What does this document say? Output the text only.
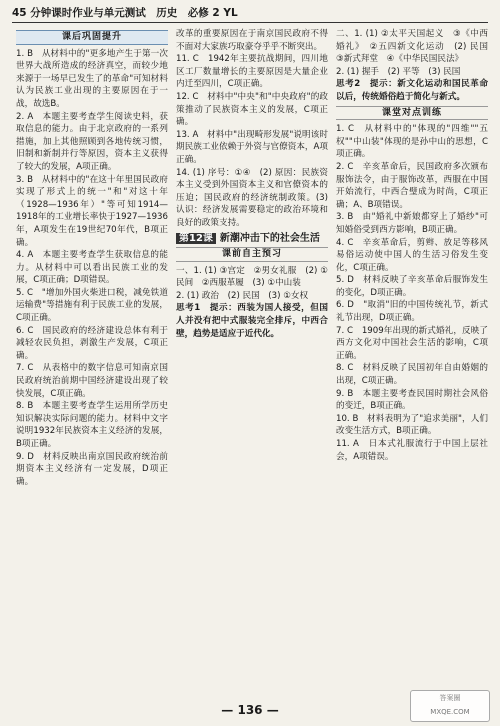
45 分钟课时作业与单元测试　历史　必修 2 YL
课后巩固提升

1. B　从材料中的"更多地产生于第一次世界大战所造成的经济真空，而较少地来源于一场早已发生了的革命"可知材料认为民族工业出现的主要原因在于一战，故选B。

2. A　本题主要考查学生阅读史料，获取信息的能力。由于北京政府的一系列措施，加上其他照顾到各地传统习惯，旧制和新制并行等原因，资本主义获得了较大的发展，A项正确。

3. B　从材料中的"在这十年里国民政府实现了形式上的统一"和"对这十年（1928—1936年）"等可知1914—1918年的工业增长率快于1927—1936年，A项发生在19世纪70年代，B项正确。

4. A　本题主要考查学生获取信息的能力。从材料中可以看出民族工业的发展，C项正确；D项错误。

5. C　"增加外国火柴进口税，减免铁道运输费"等措施有利于民族工业的发展，C项正确。

6. C　国民政府的经济建设总体有利于减轻农民负担，剥激生产发展，C项正确。

7. C　从表格中的数字信息可知南京国民政府统治前期中国经济建设出现了较快发展，C项正确。

8. B　本题主要考查学生运用所学历史知识解决实际问题的能力。材料中文字说明1932年民族资本主义经济的发展，B项正确。

9. D　材料反映出南京国民政府统治前期资本主义经济有一定发展，D项正确。

改革的重要原因在于南京国民政府不得不面对大家族巧取豪夺乎乎不断突出。

11. C　1942年主要抗战期间，四川地区工厂数量增长的主要原因是大量企业内迁至四川，C项正确。

12. C　材料中"中央"和"中央政府"的政策推动了民族资本主义的发展，C项正确。

13. A　材料中"出现畸形发展"说明该时期民族工业依赖于外资与官僚资本，A项正确。

14. (1) 序号：①④　(2) 原因：民族资本主义受到外国资本主义和官僚资本的压迫；国民政府的经济统制政策。(3) 认识：经济发展需要稳定的政治环境和良好的政策支持。

第12课 新潮冲击下的社会生活
课前自主预习

一、1. (1) ③宫定　②男女礼服　(2) ①民间　②西服革履　(3) ①中山装

2. (1) 政治　(2) 民国　(3) ①女权

思考1　提示：西装为国人接受，但国人并没有把中式服装完全排斥，中西合壁，趋势是适应于近代化。

二、1. (1) ②太平天国起义　③《中西婚礼》　②五四新文化运动　(2) 民国　③新式拜堂　④《中华民国民法》

2. (1) 握手　(2) 平等　(3) 民国

思考2　提示：新文化运动和国民革命以后，传统婚俗趋于简化与新式。

课堂对点训练

1. C　从材料中的"体现的"四维""五权""中山装"体现的是孙中山的思想，C项正确。

2. C　辛亥革命后，民国政府多次颁布服饰法令，由于服饰改革，西服在中国开始流行，中西合璧成为时尚，C项正确；A、B项错误。

3. B　由"婚礼中新娘都穿上了婚纱"可知婚俗受到西方影响，B项正确。

4. C　辛亥革命后，剪辫、放足等移风易俗运动使中国人的生活习俗发生变化，C项正确。

5. D　材料反映了辛亥革命后服饰发生的变化，D项正确。

6. D　"取消"旧的中国传统礼节，新式礼节出现，D项正确。

7. C　1909年出现的新式婚礼，反映了西方文化对中国社会生活的影响，C项正确。

8. C　材料反映了民国初年自由婚姻的出现，C项正确。

9. B　本题主要考查民国时期社会风俗的变迁，B项正确。

10. B　材料表明为了"追求美丽"，人们改变生活方式，B项正确。

11. A　日本式礼服流行于中国上层社会，A项错误。

— 136 —
答案圈
MXQE.COM
